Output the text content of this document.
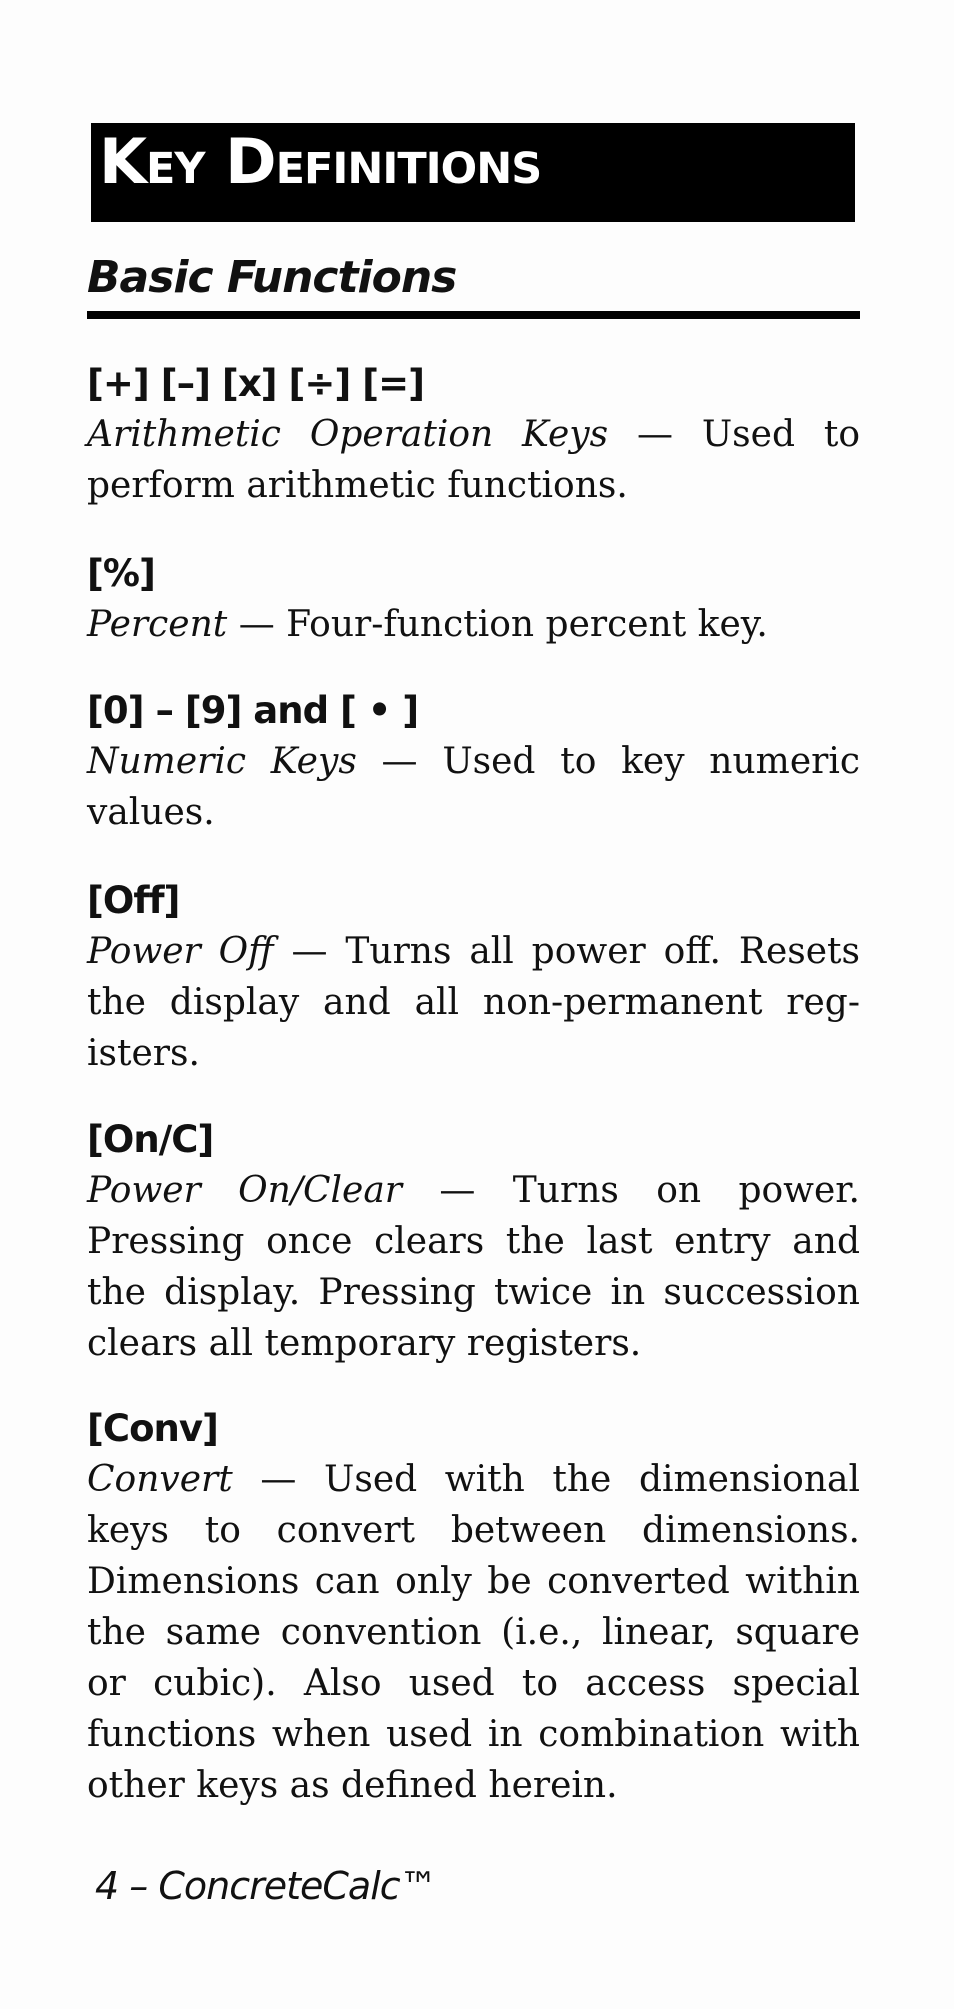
Key Definitions
Basic Functions
[+] [–] [x] [÷] [=]

Arithmetic Operation Keys — Used to perform arithmetic functions.

[%]

Percent — Four-function percent key.

[0] – [9] and [ • ]

Numeric Keys — Used to key numeric values.

[Off]

Power Off — Turns all power off. Resets the display and all non-permanent registers.

[On/C]

Power On/Clear — Turns on power. Pressing once clears the last entry and the display. Pressing twice in succession clears all temporary registers.

[Conv]

Convert — Used with the dimensional keys to convert between dimensions. Dimensions can only be converted within the same convention (i.e., linear, square or cubic). Also used to access special functions when used in combination with other keys as defined herein.

4 – ConcreteCalc™
